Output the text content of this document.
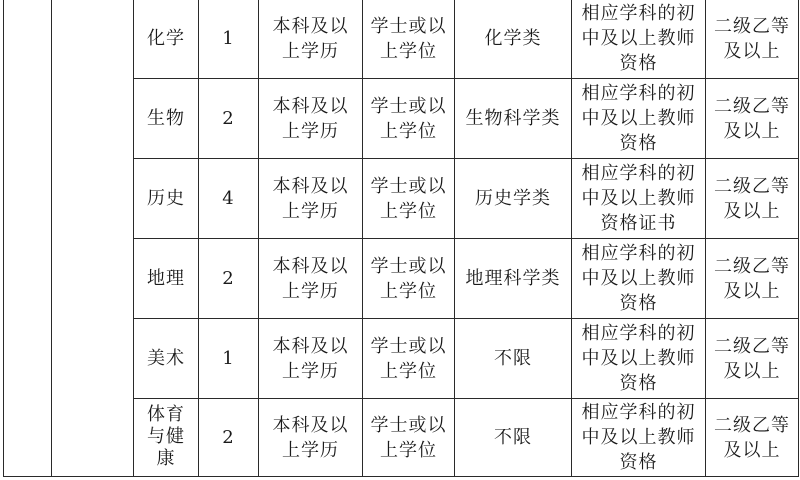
		化学	1	本科及以上学历	学士或以上学位	化学类	相应学科的初中及以上教师资格	二级乙等及以上
		生物	2	本科及以上学历	学士或以上学位	生物科学类	相应学科的初中及以上教师资格	二级乙等及以上
		历史	4	本科及以上学历	学士或以上学位	历史学类	相应学科的初中及以上教师资格证书	二级乙等及以上
		地理	2	本科及以上学历	学士或以上学位	地理科学类	相应学科的初中及以上教师资格	二级乙等及以上
		美术	1	本科及以上学历	学士或以上学位	不限	相应学科的初中及以上教师资格	二级乙等及以上
		体育与健康	2	本科及以上学历	学士或以上学位	不限	相应学科的初中及以上教师资格	二级乙等及以上
